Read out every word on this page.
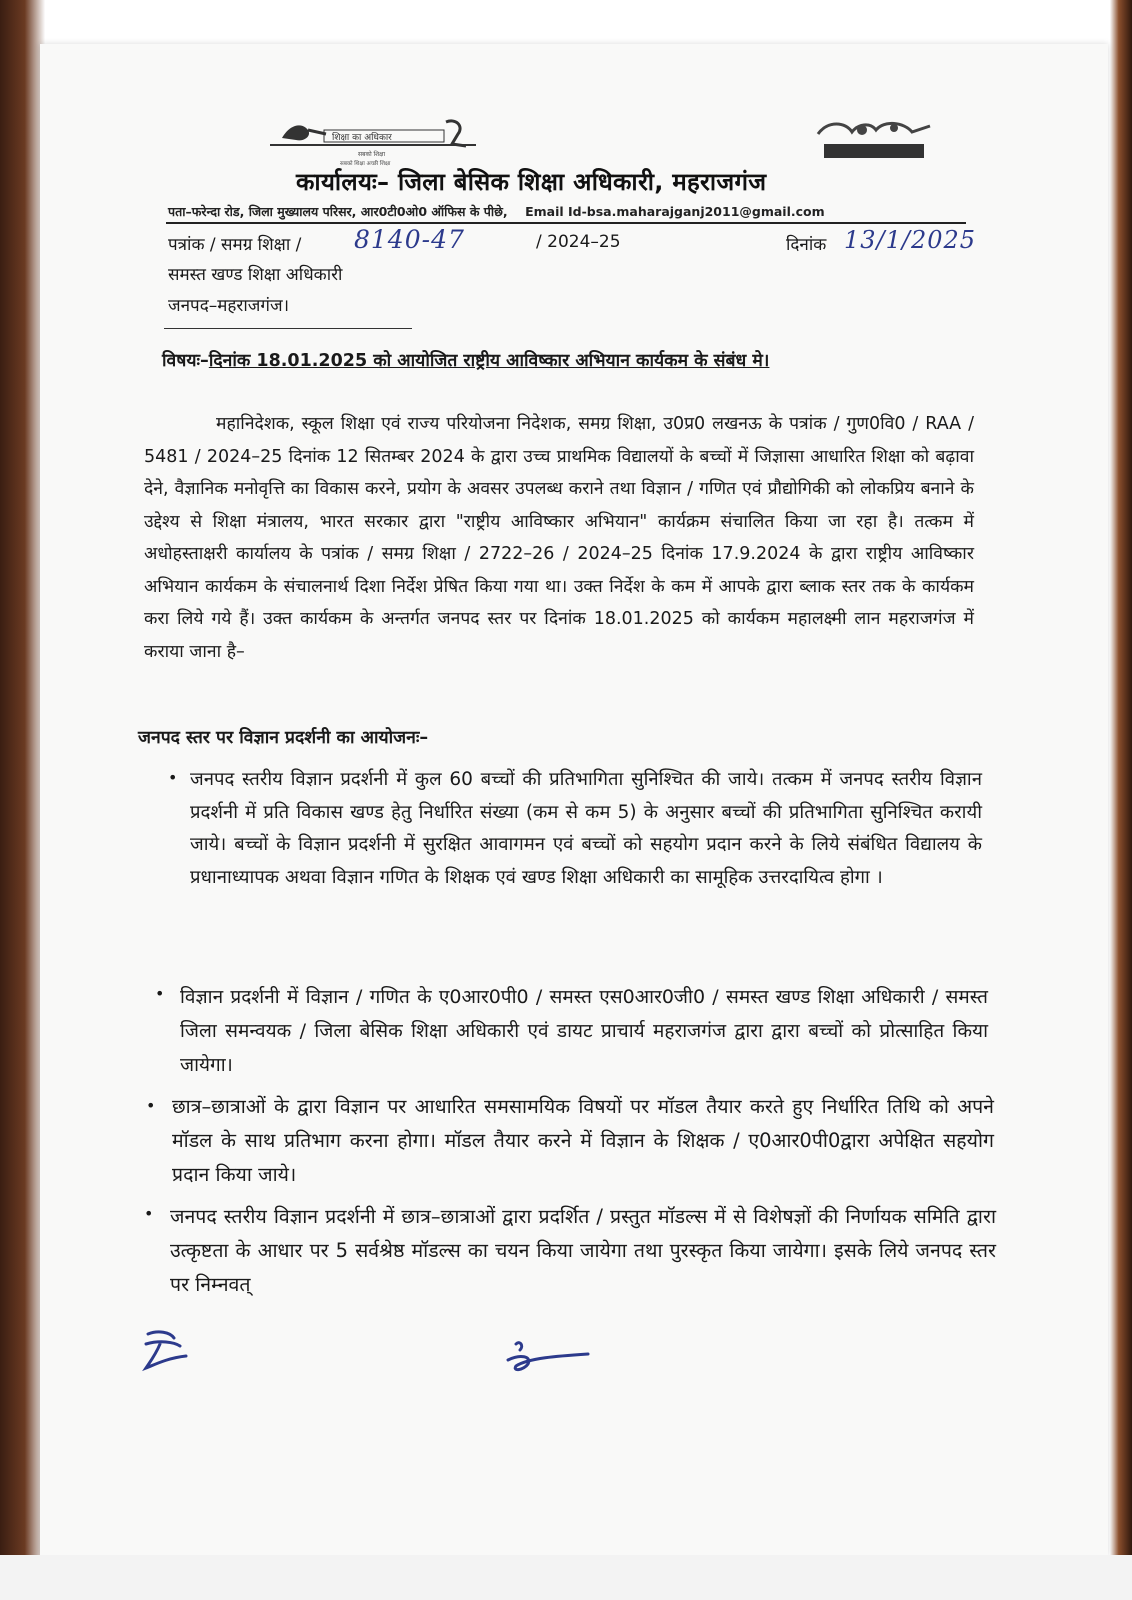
शिक्षा का अधिकार
सबको शिक्षा
सबको शिक्षा अच्छी शिक्षा
कार्यालयः– जिला बेसिक शिक्षा अधिकारी, महराजगंज
पता–फरेन्दा रोड, जिला मुख्यालय परिसर, आर0टी0ओ0 ऑफिस के पीछे, Email Id-bsa.maharajganj2011@gmail.com
पत्रांक / समग्र शिक्षा / 8140-47	/ 2024–25	दिनांक 13/1/2025
समस्त खण्ड शिक्षा अधिकारी
जनपद–महराजगंज।
विषयः–दिनांक 18.01.2025 को आयोजित राष्ट्रीय आविष्कार अभियान कार्यकम के संबंध मे।
महानिदेशक, स्कूल शिक्षा एवं राज्य परियोजना निदेशक, समग्र शिक्षा, उ0प्र0 लखनऊ के पत्रांक / गुण0वि0 / RAA / 5481 / 2024–25 दिनांक 12 सितम्बर 2024 के द्वारा उच्च प्राथमिक विद्यालयों के बच्चों में जिज्ञासा आधारित शिक्षा को बढ़ावा देने, वैज्ञानिक मनोवृत्ति का विकास करने, प्रयोग के अवसर उपलब्ध कराने तथा विज्ञान / गणित एवं प्रौद्योगिकी को लोकप्रिय बनाने के उद्देश्य से शिक्षा मंत्रालय, भारत सरकार द्वारा "राष्ट्रीय आविष्कार अभियान" कार्यक्रम संचालित किया जा रहा है। तत्कम में अधोहस्ताक्षरी कार्यालय के पत्रांक / समग्र शिक्षा / 2722–26 / 2024–25 दिनांक 17.9.2024 के द्वारा राष्ट्रीय आविष्कार अभियान कार्यकम के संचालनार्थ दिशा निर्देश प्रेषित किया गया था। उक्त निर्देश के कम में आपके द्वारा ब्लाक स्तर तक के कार्यकम करा लिये गये हैं। उक्त कार्यकम के अन्तर्गत जनपद स्तर पर दिनांक 18.01.2025 को कार्यकम महालक्ष्मी लान महराजगंज में कराया जाना है–
जनपद स्तर पर विज्ञान प्रदर्शनी का आयोजनः–
• जनपद स्तरीय विज्ञान प्रदर्शनी में कुल 60 बच्चों की प्रतिभागिता सुनिश्चित की जाये। तत्कम में जनपद स्तरीय विज्ञान प्रदर्शनी में प्रति विकास खण्ड हेतु निर्धारित संख्या (कम से कम 5) के अनुसार बच्चों की प्रतिभागिता सुनिश्चित करायी जाये। बच्चों के विज्ञान प्रदर्शनी में सुरक्षित आवागमन एवं बच्चों को सहयोग प्रदान करने के लिये संबंधित विद्यालय के प्रधानाध्यापक अथवा विज्ञान गणित के शिक्षक एवं खण्ड शिक्षा अधिकारी का सामूहिक उत्तरदायित्व होगा ।
• विज्ञान प्रदर्शनी में विज्ञान / गणित के ए0आर0पी0 / समस्त एस0आर0जी0 / समस्त खण्ड शिक्षा अधिकारी / समस्त जिला समन्वयक / जिला बेसिक शिक्षा अधिकारी एवं डायट प्राचार्य महराजगंज द्वारा द्वारा बच्चों को प्रोत्साहित किया जायेगा।
• छात्र–छात्राओं के द्वारा विज्ञान पर आधारित समसामयिक विषयों पर मॉडल तैयार करते हुए निर्धारित तिथि को अपने मॉडल के साथ प्रतिभाग करना होगा। मॉडल तैयार करने में विज्ञान के शिक्षक / ए0आर0पी0द्वारा अपेक्षित सहयोग प्रदान किया जाये।
• जनपद स्तरीय विज्ञान प्रदर्शनी में छात्र–छात्राओं द्वारा प्रदर्शित / प्रस्तुत मॉडल्स में से विशेषज्ञों की निर्णायक समिति द्वारा उत्कृष्टता के आधार पर 5 सर्वश्रेष्ठ मॉडल्स का चयन किया जायेगा तथा पुरस्कृत किया जायेगा। इसके लिये जनपद स्तर पर निम्नवत्
